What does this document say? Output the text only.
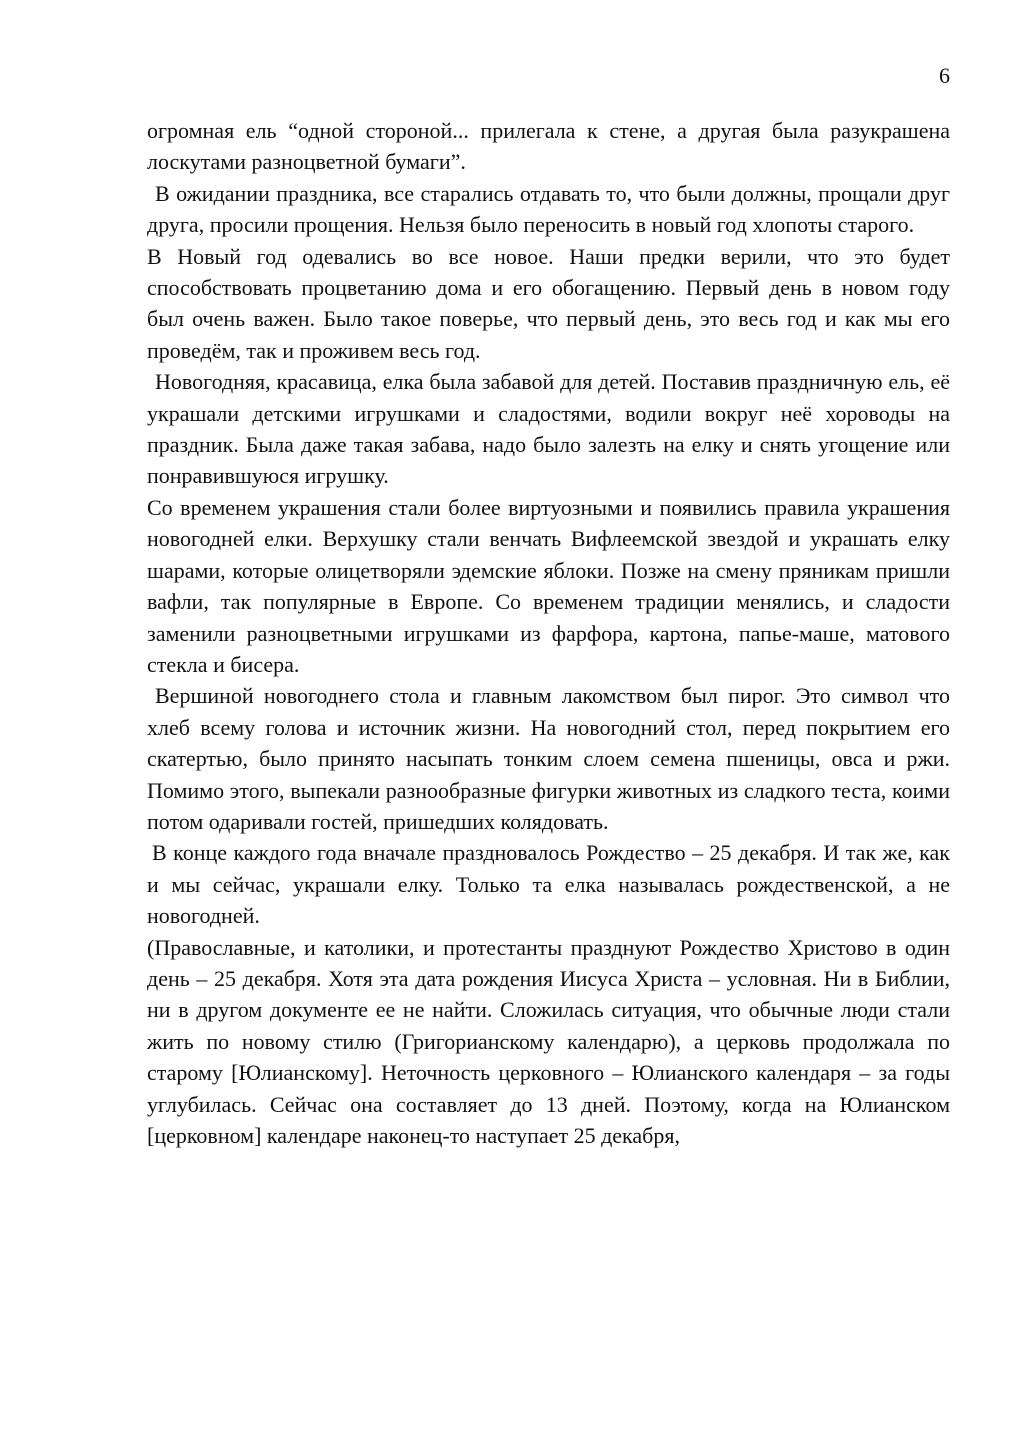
6

огромная ель “одной стороной... прилегала к стене, а другая была разукрашена лоскутами разноцветной бумаги”.

В ожидании праздника, все старались отдавать то, что были должны, прощали друг друга, просили прощения. Нельзя было переносить в новый год хлопоты старого.

В Новый год одевались во все новое. Наши предки верили, что это будет способствовать процветанию дома и его обогащению. Первый день в новом году был очень важен. Было такое поверье, что первый день, это весь год и как мы его проведём, так и проживем весь год.

Новогодняя, красавица, елка была забавой для детей. Поставив праздничную ель, её украшали детскими игрушками и сладостями, водили вокруг неё хороводы на праздник. Была даже такая забава, надо было залезть на елку и снять угощение или понравившуюся игрушку.

Со временем украшения стали более виртуозными и появились правила украшения новогодней елки. Верхушку стали венчать Вифлеемской звездой и украшать елку шарами, которые олицетворяли эдемские яблоки. Позже на смену пряникам пришли вафли, так популярные в Европе. Со временем традиции менялись, и сладости заменили разноцветными игрушками из фарфора, картона, папье-маше, матового стекла и бисера.

Вершиной новогоднего стола и главным лакомством был пирог. Это символ что хлеб всему голова и источник жизни. На новогодний стол, перед покрытием его скатертью, было принято насыпать тонким слоем семена пшеницы, овса и ржи. Помимо этого, выпекали разнообразные фигурки животных из сладкого теста, коими потом одаривали гостей, пришедших колядовать.

В конце каждого года вначале праздновалось Рождество – 25 декабря. И так же, как и мы сейчас, украшали елку. Только та елка называлась рождественской, а не новогодней.

(Православные, и католики, и протестанты празднуют Рождество Христово в один день – 25 декабря. Хотя эта дата рождения Иисуса Христа – условная. Ни в Библии, ни в другом документе ее не найти. Сложилась ситуация, что обычные люди стали жить по новому стилю (Григорианскому календарю), а церковь продолжала по старому [Юлианскому]. Неточность церковного – Юлианского календаря – за годы углубилась. Сейчас она составляет до 13 дней. Поэтому, когда на Юлианском [церковном] календаре наконец-то наступает 25 декабря,
